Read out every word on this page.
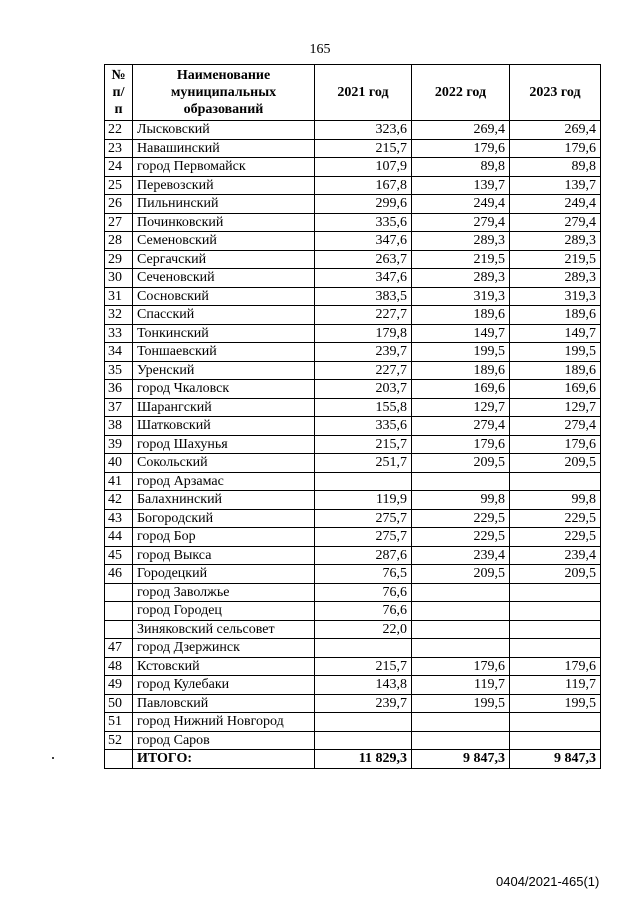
165
№ п/п	Наименование муниципальных образований	2021 год	2022 год	2023 год
22	Лысковский	323,6	269,4	269,4
23	Навашинский	215,7	179,6	179,6
24	город Первомайск	107,9	89,8	89,8
25	Перевозский	167,8	139,7	139,7
26	Пильнинский	299,6	249,4	249,4
27	Починковский	335,6	279,4	279,4
28	Семеновский	347,6	289,3	289,3
29	Сергачский	263,7	219,5	219,5
30	Сеченовский	347,6	289,3	289,3
31	Сосновский	383,5	319,3	319,3
32	Спасский	227,7	189,6	189,6
33	Тонкинский	179,8	149,7	149,7
34	Тоншаевский	239,7	199,5	199,5
35	Уренский	227,7	189,6	189,6
36	город Чкаловск	203,7	169,6	169,6
37	Шарангский	155,8	129,7	129,7
38	Шатковский	335,6	279,4	279,4
39	город Шахунья	215,7	179,6	179,6
40	Сокольский	251,7	209,5	209,5
41	город Арзамас			
42	Балахнинский	119,9	99,8	99,8
43	Богородский	275,7	229,5	229,5
44	город Бор	275,7	229,5	229,5
45	город Выкса	287,6	239,4	239,4
46	Городецкий	76,5	209,5	209,5
	город Заволжье	76,6		
	город Городец	76,6		
	Зиняковский сельсовет	22,0		
47	город Дзержинск			
48	Кстовский	215,7	179,6	179,6
49	город Кулебаки	143,8	119,7	119,7
50	Павловский	239,7	199,5	199,5
51	город Нижний Новгород			
52	город Саров			
	ИТОГО:	11 829,3	9 847,3	9 847,3
0404/2021-465(1)
